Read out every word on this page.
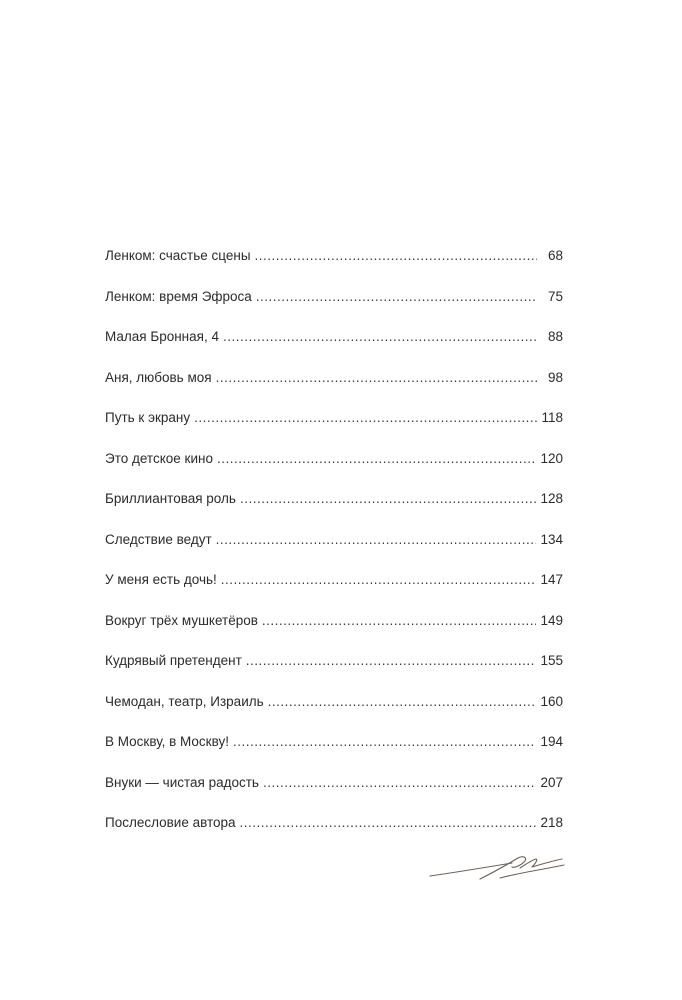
Ленком: счастье сцены .....	68
Ленком: время Эфроса .....	75
Малая Бронная, 4 .....	88
Аня, любовь моя .....	98
Путь к экрану .....	118
Это детское кино .....	120
Бриллиантовая роль .....	128
Следствие ведут .....	134
У меня есть дочь! .....	147
Вокруг трёх мушкетёров .....	149
Кудрявый претендент .....	155
Чемодан, театр, Израиль .....	160
В Москву, в Москву! .....	194
Внуки — чистая радость .....	207
Послесловие автора .....	218
